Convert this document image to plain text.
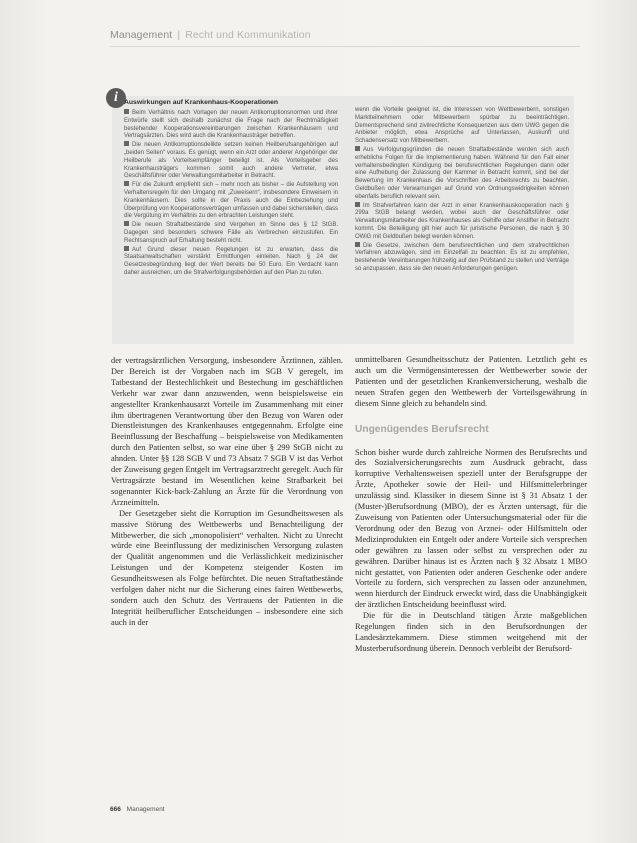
Management | Recht und Kommunikation
i Auswirkungen auf Krankenhaus-Kooperationen

Beim Verhältnis nach Vorlagen der neuen Antikorruptionsnormen und ihrer Entwürfe stellt sich deshalb zunächst die Frage nach der Rechtmäßigkeit bestehender Kooperationsvereinbarungen zwischen Krankenhäusern und Vertragsärzten. Dies wird auch die Krankenhausträger betreffen.

Die neuen Antikorruptionsdelikte setzen keinen Heilberufsangehörigen auf „beiden Seiten“ voraus. Es genügt, wenn ein Arzt oder anderer Angehöriger der Heilberufe als Vorteilsempfänger beteiligt ist. Als Vorteilsgeber des Krankenhausträgers kommen somit auch andere Vertreter, etwa Geschäftsführer oder Verwaltungsmitarbeiter in Betracht.

Für die Zukunft empfiehlt sich – mehr noch als bisher – die Aufstellung von Verhaltensregeln für den Umgang mit „Zuweisern“, insbesondere Einweisern in Krankenhäusern. Dies sollte in der Praxis auch die Einbeziehung und Überprüfung von Kooperationsverträgen umfassen und dabei sicherstellen, dass die Vergütung im Verhältnis zu den erbrachten Leistungen steht.

Die neuen Straftatbestände sind Vergehen im Sinne des § 12 StGB. Dagegen sind besonders schwere Fälle als Verbrechen einzustufen. Ein Rechtsanspruch auf Erhaltung besteht nicht.

Auf Grund dieser neuen Regelungen ist zu erwarten, dass die Staatsanwaltschaften verstärkt Ermittlungen einleiten. Nach § 24 der Gesetzesbegründung liegt der Wert bereits bei 50 Euro. Ein Verdacht kann daher ausreichen, um die Strafverfolgungsbehörden auf den Plan zu rufen.

wenn die Vorteile geeignet ist, die Interessen von Wettbewerbern, sonstigen Marktteilnehmern oder Mitbewerbern spürbar zu beeinträchtigen. Dementsprechend sind zivilrechtliche Konsequenzen aus dem UWG gegen die Anbieter möglich, etwa Ansprüche auf Unterlassen, Auskunft und Schadensersatz von Mitbewerbern.

Aus Verfolgungsgründen die neuen Straftatbestände werden sich auch erhebliche Folgen für die Implementierung haben. Während für den Fall einer verhaltensbedingten Kündigung bei berufsrechtlichen Regelungen dann oder eine Aufhebung der Zulassung der Kammer in Betracht kommt, sind bei der Bewertung im Krankenhaus die Vorschriften des Arbeitsrechts zu beachten. Geldbußen oder Verwarnungen auf Grund von Ordnungswidrigkeiten können ebenfalls beruflich relevant sein.

Im Strafverfahren kann der Arzt in einer Krankenhauskooperation nach § 299a StGB belangt werden, wobei auch der Geschäftsführer oder Verwaltungsmitarbeiter des Krankenhauses als Gehilfe oder Anstifter in Betracht kommt. Die Beteiligung gilt hier auch für juristische Personen, die nach § 30 OWiG mit Geldbußen belegt werden können.

Die Gesetze, zwischen dem berufsrechtlichen und dem strafrechtlichen Verfahren abzuwägen, sind im Einzelfall zu beachten. Es ist zu empfehlen, bestehende Vereinbarungen frühzeitig auf den Prüfstand zu stellen und Verträge so anzupassen, dass sie den neuen Anforderungen genügen.

der vertragsärztlichen Versorgung, insbesondere Ärztinnen, zählen. Der Bereich ist der Vorgaben nach im SGB V geregelt, im Tatbestand der Bestechlichkeit und Bestechung im geschäftlichen Verkehr war zwar dann anzuwenden, wenn beispielsweise ein angestellter Krankenhausarzt Vorteile im Zusammenhang mit einer ihm übertragenen Verantwortung über den Bezug von Waren oder Dienstleistungen des Krankenhauses entgegennahm. Erfolgte eine Beeinflussung der Beschaffung – beispielsweise von Medikamenten durch den Patienten selbst, so war eine über § 299 StGB nicht zu ahnden. Unter §§ 128 SGB V und 73 Absatz 7 SGB V ist das Verbot der Zuweisung gegen Entgelt im Vertragsarztrecht geregelt. Auch für Vertragsärzte bestand im Wesentlichen keine Strafbarkeit bei sogenannter Kick-back-Zahlung an Ärzte für die Verordnung von Arzneimitteln.

Der Gesetzgeber sieht die Korruption im Gesundheitswesen als massive Störung des Wettbewerbs und Benachteiligung der Mitbewerber, die sich „monopolisiert“ verhalten. Nicht zu Unrecht würde eine Beeinflussung der medizinischen Versorgung zulasten der Qualität angenommen und die Verlässlichkeit medizinischer Leistungen und der Kompetenz steigender Kosten im Gesundheitswesen als Folge befürchtet. Die neuen Straftatbestände verfolgen daher nicht nur die Sicherung eines fairen Wettbewerbs, sondern auch den Schutz des Vertrauens der Patienten in die Integrität heilberuflicher Entscheidungen – insbesondere eine sich auch in der

unmittelbaren Gesundheitsschutz der Patienten. Letztlich geht es auch um die Vermögensinteressen der Wettbewerber sowie der Patienten und der gesetzlichen Krankenversicherung, weshalb die neuen Strafen gegen den Wettbewerb der Vorteilsgewährung in diesem Sinne gleich zu behandeln sind.

Ungenügendes Berufsrecht

Schon bisher wurde durch zahlreiche Normen des Berufsrechts und des Sozialversicherungsrechts zum Ausdruck gebracht, dass korruptive Verhaltensweisen speziell unter der Berufsgruppe der Ärzte, Apotheker sowie der Heil- und Hilfsmittelerbringer unzulässig sind. Klassiker in diesem Sinne ist § 31 Absatz 1 der (Muster-)Berufsordnung (MBO), der es Ärzten untersagt, für die Zuweisung von Patienten oder Untersuchungsmaterial oder für die Verordnung oder den Bezug von Arznei- oder Hilfsmitteln oder Medizinprodukten ein Entgelt oder andere Vorteile sich versprechen oder gewähren zu lassen oder selbst zu versprechen oder zu gewähren. Darüber hinaus ist es Ärzten nach § 32 Absatz 1 MBO nicht gestattet, von Patienten oder anderen Geschenke oder andere Vorteile zu fordern, sich versprechen zu lassen oder anzunehmen, wenn hierdurch der Eindruck erweckt wird, dass die Unabhängigkeit der ärztlichen Entscheidung beeinflusst wird.

Die für die in Deutschland tätigen Ärzte maßgeblichen Regelungen finden sich in den Berufsordnungen der Landesärztekammern. Diese stimmen weitgehend mit der Musterberufsordnung überein. Dennoch verbleibt der Berufsord-

666 Management
